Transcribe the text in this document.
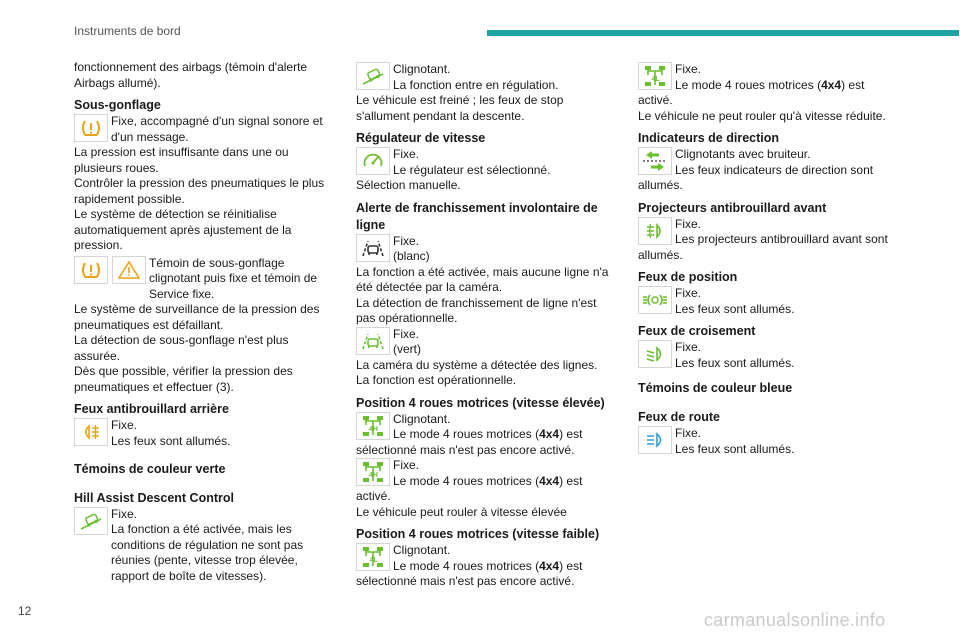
Instruments de bord

fonctionnement des airbags (témoin d'alerte Airbags allumé).

Sous-gonflage

Fixe, accompagné d'un signal sonore et d'un message.

La pression est insuffisante dans une ou plusieurs roues.

Contrôler la pression des pneumatiques le plus rapidement possible.

Le système de détection se réinitialise automatiquement après ajustement de la pression.

Témoin de sous-gonflage clignotant puis fixe et témoin de Service fixe.

Le système de surveillance de la pression des pneumatiques est défaillant.

La détection de sous-gonflage n'est plus assurée.

Dès que possible, vérifier la pression des pneumatiques et effectuer (3).

Feux antibrouillard arrière

Fixe.

Les feux sont allumés.

Témoins de couleur verte
Hill Assist Descent Control

Fixe.

La fonction a été activée, mais les conditions de régulation ne sont pas réunies (pente, vitesse trop élevée, rapport de boîte de vitesses).

Clignotant.

La fonction entre en régulation.

Le véhicule est freiné ; les feux de stop s'allument pendant la descente.

Régulateur de vitesse

Fixe.

Le régulateur est sélectionné.

Sélection manuelle.

Alerte de franchissement involontaire de ligne

Fixe.

(blanc)

La fonction a été activée, mais aucune ligne n'a été détectée par la caméra.

La détection de franchissement de ligne n'est pas opérationnelle.

Fixe.

(vert)

La caméra du système a détectée des lignes.

La fonction est opérationnelle.

Position 4 roues motrices (vitesse élevée)
4H

Clignotant.

Le mode 4 roues motrices (4x4) est

sélectionné mais n'est pas encore activé.

4H

Fixe.

Le mode 4 roues motrices (4x4) est

activé.

Le véhicule peut rouler à vitesse élevée

Position 4 roues motrices (vitesse faible)
4L

Clignotant.

Le mode 4 roues motrices (4x4) est

sélectionné mais n'est pas encore activé.

4L

Fixe.

Le mode 4 roues motrices (4x4) est

activé.

Le véhicule ne peut rouler qu'à vitesse réduite.

Indicateurs de direction

Clignotants avec bruiteur.

Les feux indicateurs de direction sont

allumés.

Projecteurs antibrouillard avant

Fixe.

Les projecteurs antibrouillard avant sont

allumés.

Feux de position

Fixe.

Les feux sont allumés.

Feux de croisement

Fixe.

Les feux sont allumés.

Témoins de couleur bleue
Feux de route

Fixe.

Les feux sont allumés.

12	carmanualsonline.info
